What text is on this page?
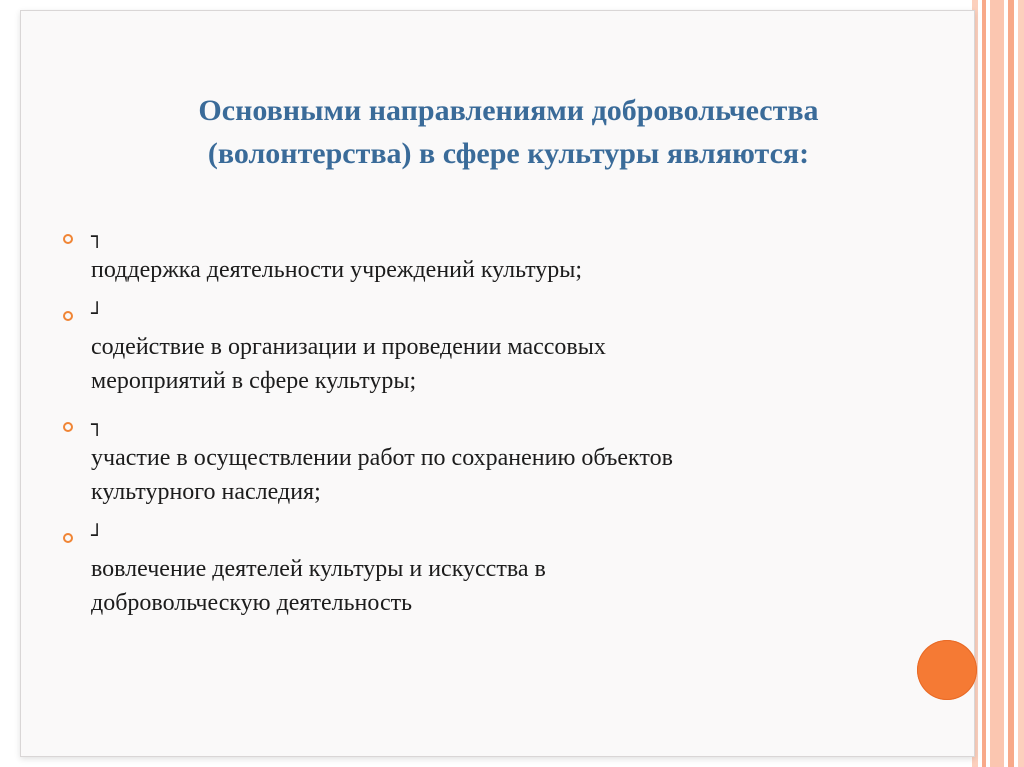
Основными направлениями добровольчества
(волонтерства) в сфере культуры являются:
┐
поддержка деятельности учреждений культуры;
┘
содействие в организации и проведении массовых
мероприятий в сфере культуры;
┐
участие в осуществлении работ по сохранению объектов
культурного наследия;
┘
вовлечение деятелей культуры и искусства в
добровольческую деятельность
